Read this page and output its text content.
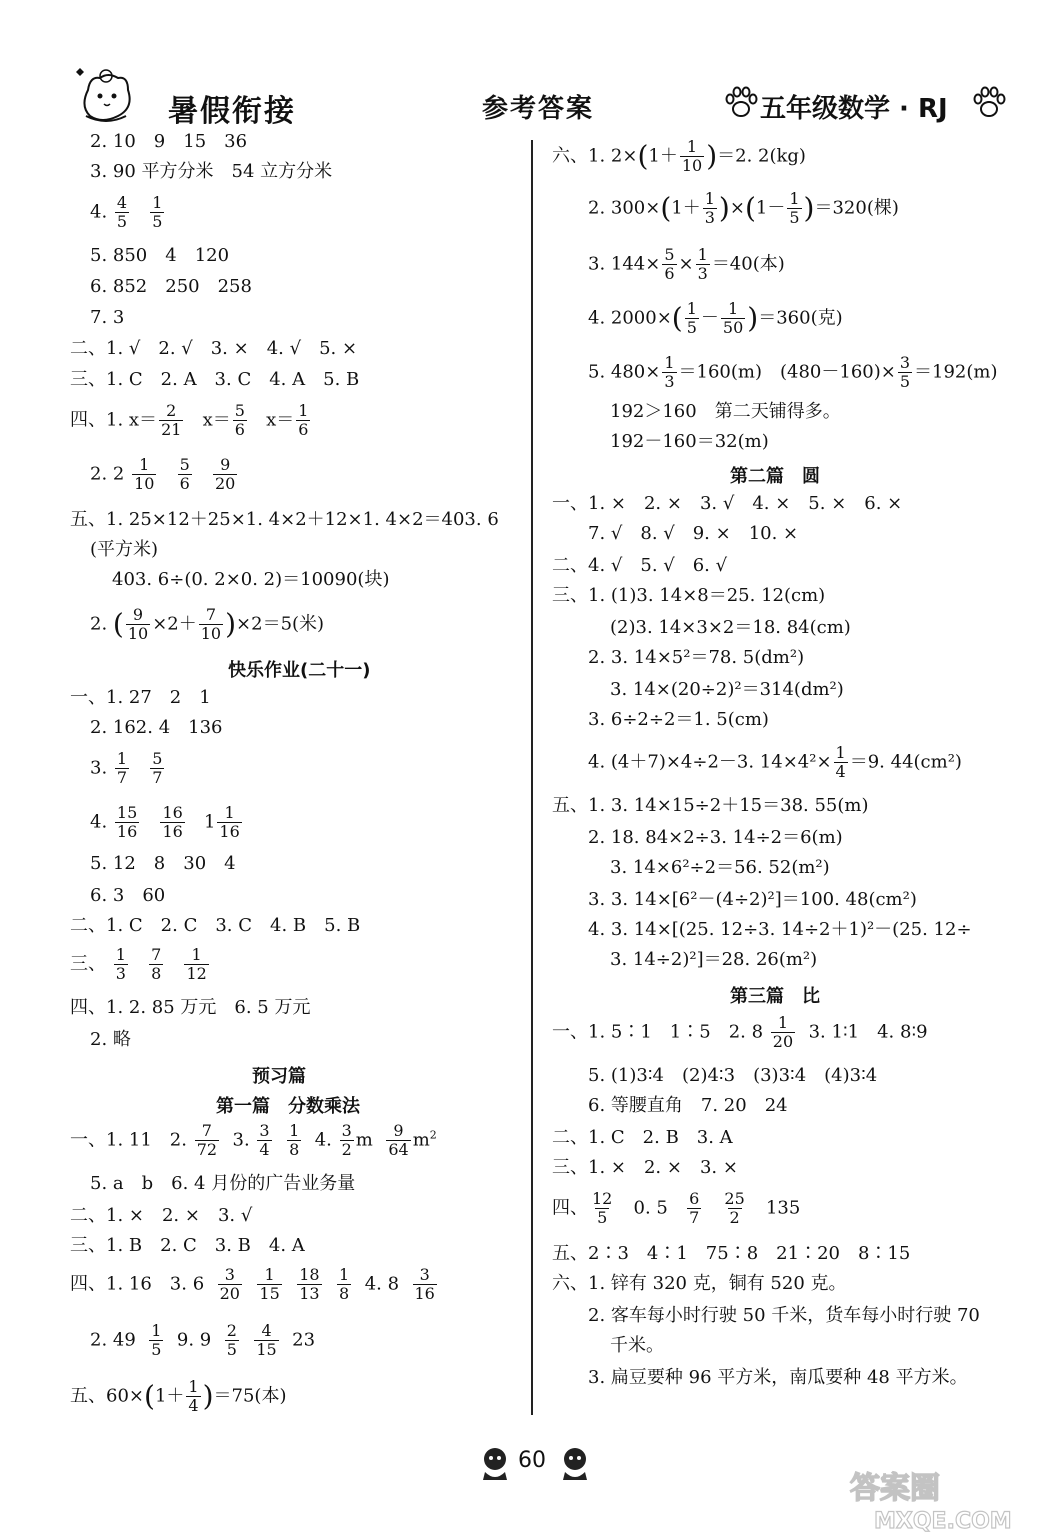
暑假衔接	参考答案	五年级数学 · RJ
2. 10　9　15　36
3. 90 平方分米　54 立方分米
4. $\frac{4}{5}$
$\frac{1}{5}$
5. 850　4　120
6. 852　250　258
7. 3
二、1. √　2. √　3. ×　4. √　5. ×
三、1. C　2. A　3. C　4. A　5. B
四、1. $x= \frac{2}{21} x= \frac{5}{6} x= \frac{1}{6}$
2. $2 \frac{1}{10}$
$\frac{5}{6}$
$\frac{9}{20}$
五、1. 25×12＋25×1. 4×2＋12×1. 4×2＝403. 6
(平方米)
403. 6÷(0. 2×0. 2)＝10090(块)
2. ( $\frac{9}{10} \times 2+ \frac{7}{10} )\times 2=5$(米)
快乐作业(二十一)
一、1. 27　2　1
2. 162. 4　136
3. $\frac{1}{7}$
$\frac{5}{7}$
4. $\frac{15}{16}$
$\frac{16}{16} 1 \frac{1}{16}$
5. 12　8　30　4
6. 3　60
二、1. C　2. C　3. C　4. B　5. B
三、 $\frac{1}{3}$
$\frac{7}{8}$
$\frac{1}{12}$
四、1. 2. 85 万元　6. 5 万元
2. 略
预习篇
第一篇　分数乘法
一、1. 11　2. $\frac{7}{72} 3$. $\frac{3}{4}$
$\frac{1}{8} 4$. $\frac{3}{2}$ m $\frac{9}{64} m^2$
5. a　b　6. 4 月份的广告业务量
二、1. ×　2. ×　3. √
三、1. B　2. C　3. B　4. A
四、1. 16　3. $6 \frac{3}{20}$
$\frac{1}{15}$
$\frac{18}{13}$
$\frac{1}{8} 4$. $8 \frac{3}{16}$
2. $49 \frac{1}{5} 9$. $9 \frac{2}{5}$
$\frac{4}{15} 23$
五、$60\times(1+ \frac{1}{4} )=75$(本)
六、1. $2\times(1+ \frac{1}{10} )=2$. 2(kg)
2. $300\times(1+ \frac{1}{3} )\times(1- \frac{1}{5} )=320$(棵)
3. $144\times \frac{5}{6} \times \frac{1}{3} =40$(本)
4. $2000\times( \frac{1}{5} - \frac{1}{50} )=360$(克)
5. $480\times \frac{1}{3} =160(m)$　$(480-160)\times \frac{3}{5} =192(m)$
192＞160　第二天铺得多。
192－160＝32(m)
第二篇　圆
一、1. ×　2. ×　3. √　4. ×　5. ×　6. ×
7. √　8. √　9. ×　10. ×
二、4. √　5. √　6. √
三、1. (1)3. 14×8＝25. 12(cm)
(2)3. 14×3×2＝18. 84(cm)
2. 3. 14×5²＝78. 5(dm²)
3. 14×(20÷2)²＝314(dm²)
3. 6÷2÷2＝1. 5(cm)
4. (4＋7)×4÷2－3. $14\times 4^2\times \frac{1}{4} =9$. 44(cm²)
五、1. 3. 14×15÷2＋15＝38. 55(m)
2. 18. 84×2÷3. 14÷2＝6(m)
3. 14×6²÷2＝56. 52(m²)
3. 3. 14×[6²－(4÷2)²]＝100. 48(cm²)
4. 3. 14×[(25. 12÷3. 14÷2＋1)²－(25. 12÷
3. 14÷2)²]＝28. 26(m²)
第三篇　比
一、1. 5∶1　1∶5　2. $8 \frac{1}{20} 3$. 1∶1　4. 8∶9
5. (1)3∶4　(2)4∶3　(3)3∶4　(4)3∶4
6. 等腰直角　7. 20　24
二、1. C　2. B　3. A
三、1. ×　2. ×　3. ×
四、 $\frac{12}{5} 0$. $5 \frac{6}{7}$
$\frac{25}{2} 135$
五、2∶3　4∶1　75∶8　21∶20　8∶15
六、1. 锌有 320 克，铜有 520 克。
2. 客车每小时行驶 50 千米，货车每小时行驶 70
千米。
3. 扁豆要种 96 平方米，南瓜要种 48 平方米。
60
答案圈
MXQE.COM
